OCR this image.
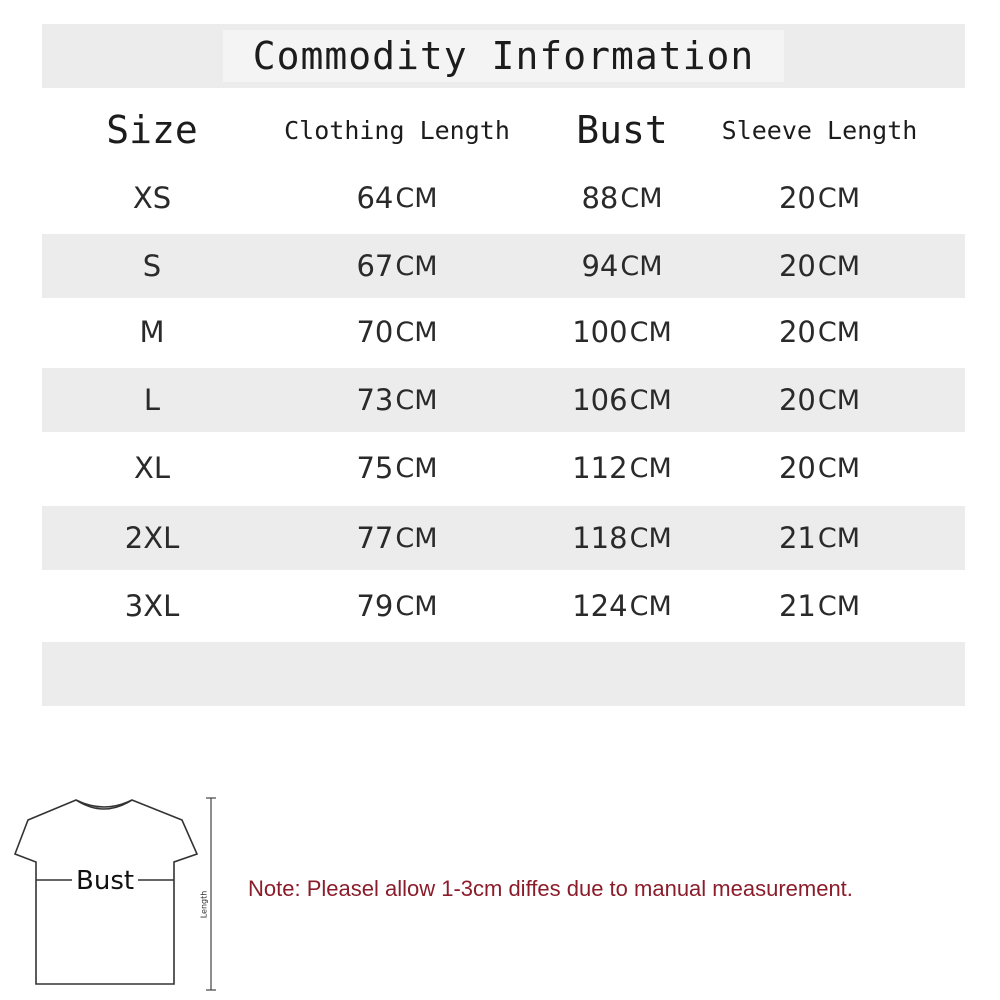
Commodity Information
Size	Clothing Length	Bust	Sleeve Length
XS	64 CM	88 CM	20 CM
S	67 CM	94 CM	20 CM
M	70 CM	100 CM	20 CM
L	73 CM	106 CM	20 CM
XL	75 CM	112 CM	20 CM
2XL	77 CM	118 CM	21 CM
3XL	79 CM	124 CM	21 CM
Bust
Length
Note: Pleasel allow 1-3cm diffes due to manual measurement.
